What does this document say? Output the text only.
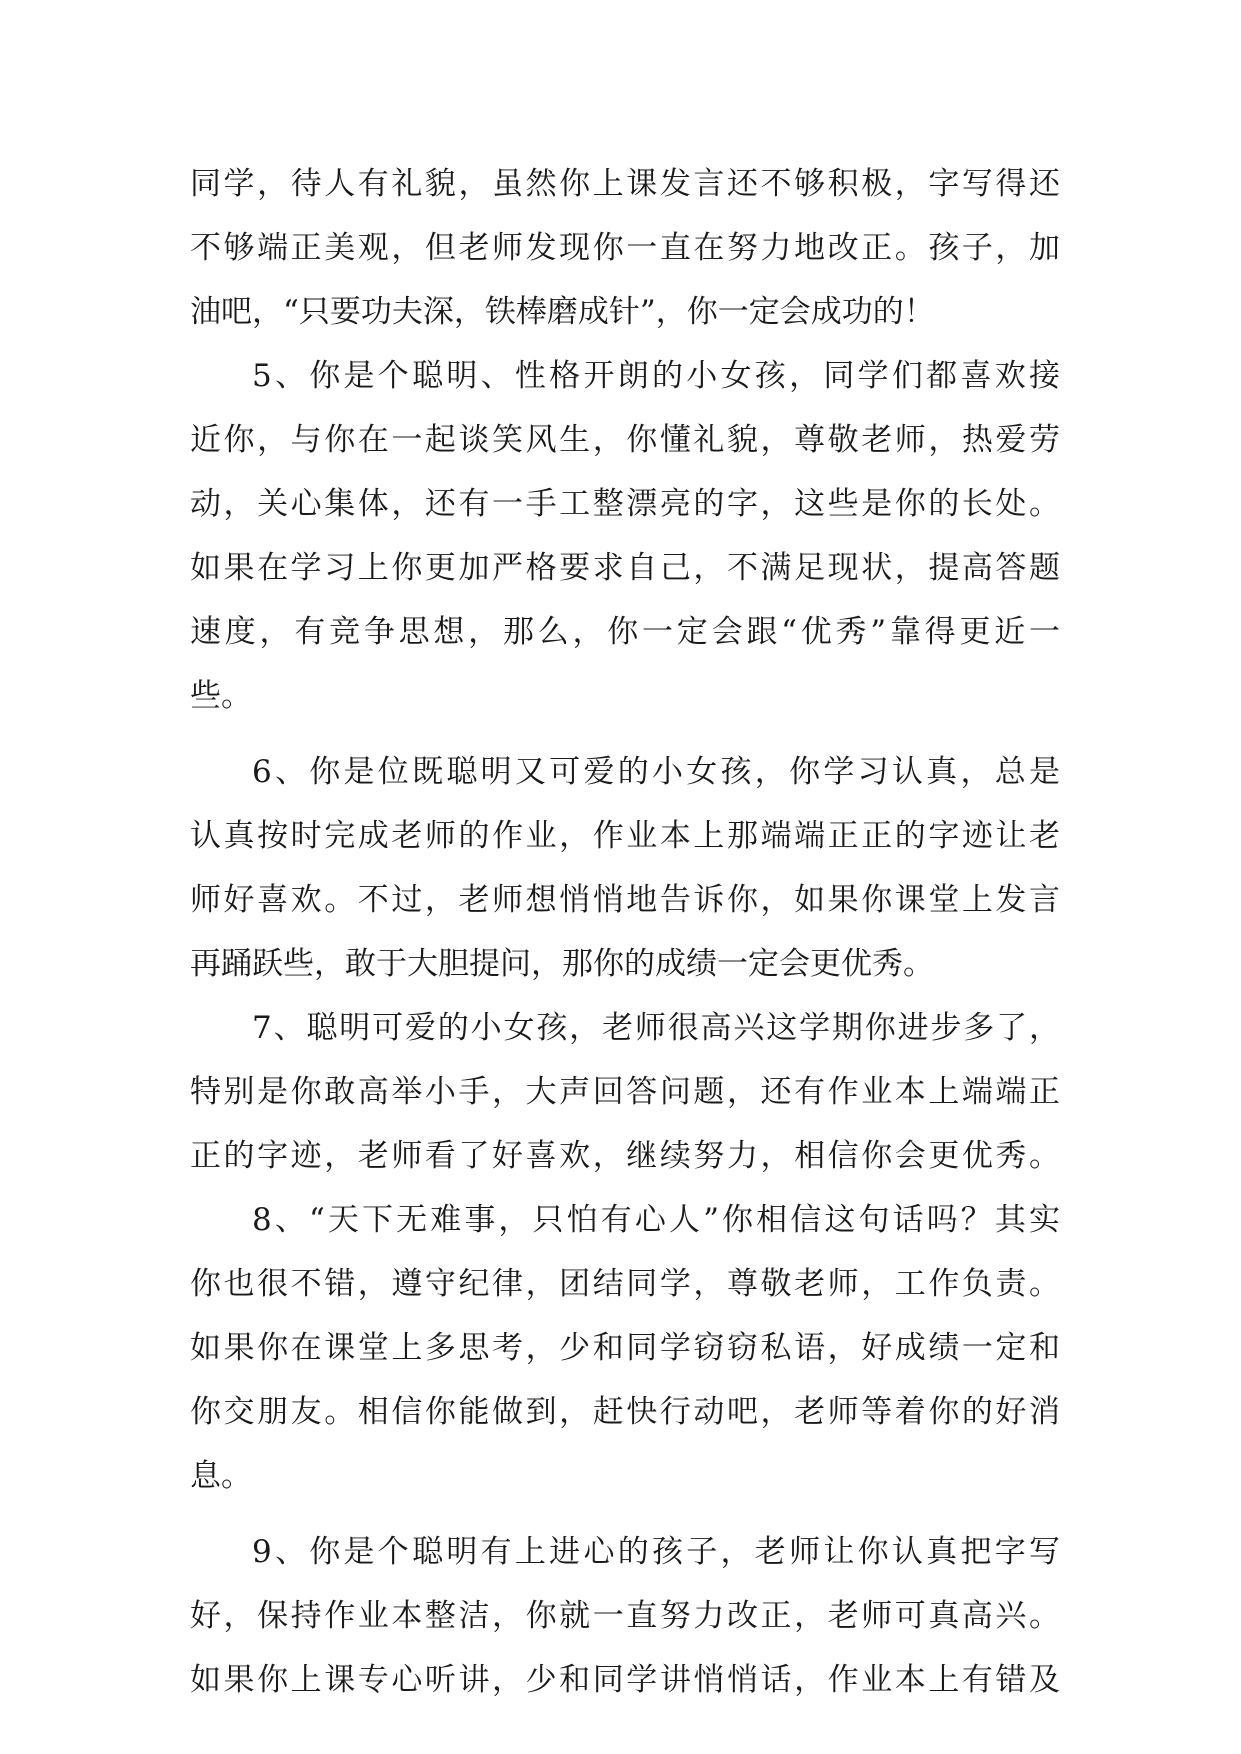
同学，待人有礼貌，虽然你上课发言还不够积极，字写得还
不够端正美观，但老师发现你一直在努力地改正。孩子，加
油吧，“只要功夫深，铁棒磨成针”，你一定会成功的！
5、你是个聪明、性格开朗的小女孩，同学们都喜欢接
近你，与你在一起谈笑风生，你懂礼貌，尊敬老师，热爱劳
动，关心集体，还有一手工整漂亮的字，这些是你的长处。
如果在学习上你更加严格要求自己，不满足现状，提高答题
速度，有竞争思想，那么，你一定会跟“优秀”靠得更近一
些。
6、你是位既聪明又可爱的小女孩，你学习认真，总是
认真按时完成老师的作业，作业本上那端端正正的字迹让老
师好喜欢。不过，老师想悄悄地告诉你，如果你课堂上发言
再踊跃些，敢于大胆提问，那你的成绩一定会更优秀。
7、聪明可爱的小女孩，老师很高兴这学期你进步多了，
特别是你敢高举小手，大声回答问题，还有作业本上端端正
正的字迹，老师看了好喜欢，继续努力，相信你会更优秀。
8、“天下无难事，只怕有心人”你相信这句话吗？其实
你也很不错，遵守纪律，团结同学，尊敬老师，工作负责。
如果你在课堂上多思考，少和同学窃窃私语，好成绩一定和
你交朋友。相信你能做到，赶快行动吧，老师等着你的好消
息。
9、你是个聪明有上进心的孩子，老师让你认真把字写
好，保持作业本整洁，你就一直努力改正，老师可真高兴。
如果你上课专心听讲，少和同学讲悄悄话，作业本上有错及
